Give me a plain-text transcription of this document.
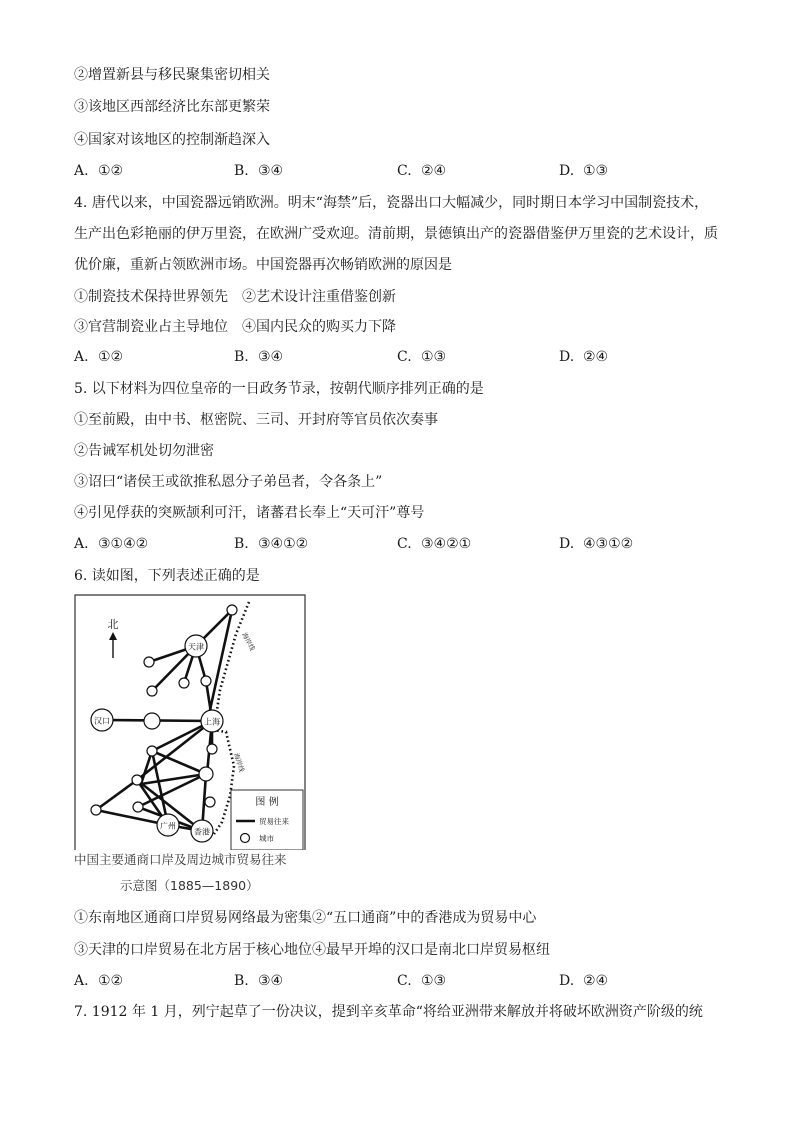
②增置新县与移民聚集密切相关
③该地区西部经济比东部更繁荣
④国家对该地区的控制渐趋深入
A. ①②	B. ③④	C. ②④	D. ①③
4. 唐代以来，中国瓷器远销欧洲。明末“海禁”后，瓷器出口大幅减少，同时期日本学习中国制瓷技术，
生产出色彩艳丽的伊万里瓷，在欧洲广受欢迎。清前期，景德镇出产的瓷器借鉴伊万里瓷的艺术设计，质
优价廉，重新占领欧洲市场。中国瓷器再次畅销欧洲的原因是
①制瓷技术保持世界领先　②艺术设计注重借鉴创新
③官营制瓷业占主导地位　④国内民众的购买力下降
A. ①②	B. ③④	C. ①③	D. ②④
5. 以下材料为四位皇帝的一日政务节录，按朝代顺序排列正确的是
①至前殿，由中书、枢密院、三司、开封府等官员依次奏事
②告诫军机处切勿泄密
③诏曰“诸侯王或欲推私恩分子弟邑者，令各条上”
④引见俘获的突厥颉利可汗，诸蕃君长奉上“天可汗”尊号
A. ③①④②	B. ③④①②	C. ③④②①	D. ④③①②
6. 读如图，下列表述正确的是
北
海岸线
海岸线
天津
汉口	上海
广州
香港
图 例
贸易往来
城市
中国主要通商口岸及周边城市贸易往来
示意图（1885—1890）
①东南地区通商口岸贸易网络最为密集②“五口通商”中的香港成为贸易中心
③天津的口岸贸易在北方居于核心地位④最早开埠的汉口是南北口岸贸易枢纽
A. ①②	B. ③④	C. ①③	D. ②④
7. 1912 年 1 月，列宁起草了一份决议，提到辛亥革命“将给亚洲带来解放并将破坏欧洲资产阶级的统
